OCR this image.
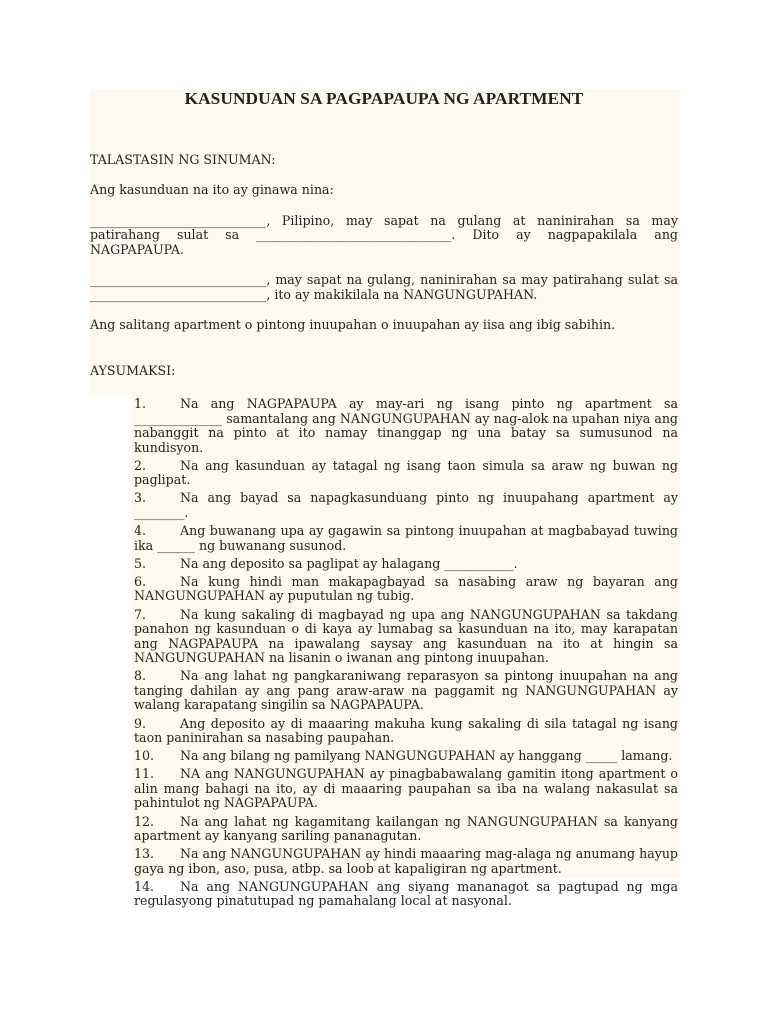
KASUNDUAN SA PAGPAPAUPA NG APARTMENT

TALASTASIN NG SINUMAN:

Ang kasunduan na ito ay ginawa nina:

____________________________, Pilipino, may sapat na gulang at naninirahan sa may patirahang sulat sa _______________________________. Dito ay nagpapakilala ang NAGPAPAUPA.

____________________________, may sapat na gulang, naninirahan sa may patirahang sulat sa ____________________________, ito ay makikilala na NANGUNGUPAHAN.

Ang salitang apartment o pintong inuupahan o inuupahan ay iisa ang ibig sabihin.

AYSUMAKSI:

1.	Na ang NAGPAPAUPA ay may-ari ng isang pinto ng apartment sa ______________ samantalang ang NANGUNGUPAHAN ay nag-alok na upahan niya ang nabanggit na pinto at ito namay tinanggap ng una batay sa sumusunod na kundisyon.
2.	Na ang kasunduan ay tatagal ng isang taon simula sa araw ng buwan ng paglipat.
3.	Na ang bayad sa napagkasunduang pinto ng inuupahang apartment ay ________.
4.	Ang buwanang upa ay gagawin sa pintong inuupahan at magbabayad tuwing ika ______ ng buwanang susunod.
5.	Na ang deposito sa paglipat ay halagang ___________.
6.	Na kung hindi man makapagbayad sa nasabing araw ng bayaran ang NANGUNGUPAHAN ay puputulan ng tubig.
7.	Na kung sakaling di magbayad ng upa ang NANGUNGUPAHAN sa takdang panahon ng kasunduan o di kaya ay lumabag sa kasunduan na ito, may karapatan ang NAGPAPAUPA na ipawalang saysay ang kasunduan na ito at hingin sa NANGUNGUPAHAN na lisanin o iwanan ang pintong inuupahan.
8.	Na ang lahat ng pangkaraniwang reparasyon sa pintong inuupahan na ang tanging dahilan ay ang pang araw-araw na paggamit ng NANGUNGUPAHAN ay walang karapatang singilin sa NAGPAPAUPA.
9.	Ang deposito ay di maaaring makuha kung sakaling di sila tatagal ng isang taon paninirahan sa nasabing paupahan.
10. Na ang bilang ng pamilyang NANGUNGUPAHAN ay hanggang _____ lamang.
11. NA ang NANGUNGUPAHAN ay pinagbabawalang gamitin itong apartment o alin mang bahagi na ito, ay di maaaring paupahan sa iba na walang nakasulat sa pahintulot ng NAGPAPAUPA.
12. Na ang lahat ng kagamitang kailangan ng NANGUNGUPAHAN sa kanyang apartment ay kanyang sariling pananagutan.
13. Na ang NANGUNGUPAHAN ay hindi maaaring mag-alaga ng anumang hayup gaya ng ibon, aso, pusa, atbp. sa loob at kapaligiran ng apartment.
14. Na ang NANGUNGUPAHAN ang siyang mananagot sa pagtupad ng mga regulasyong pinatutupad ng pamahalang local at nasyonal.
